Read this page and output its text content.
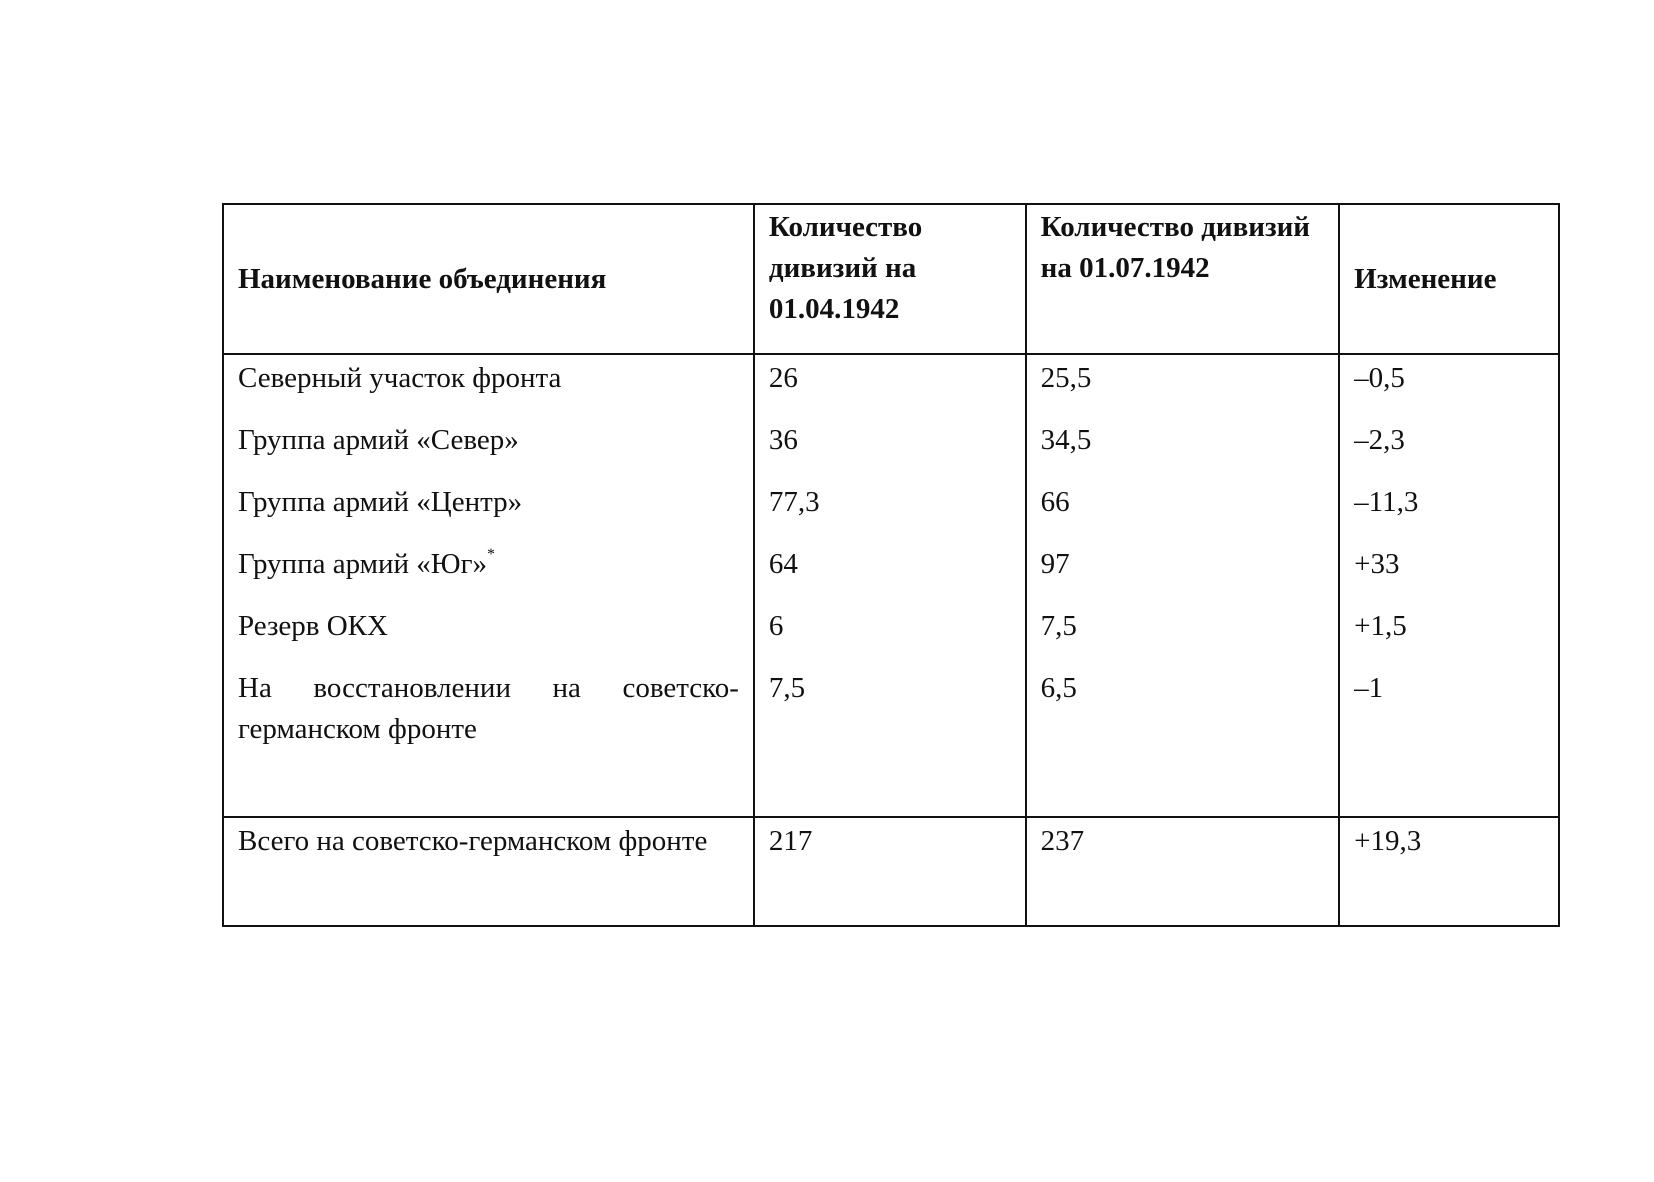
Наименование объединения	Количество дивизий на 01.04.1942	Количество дивизий на 01.07.1942	Изменение
Северный участок фронта	26	25,5	–0,5
Группа армий «Север»	36	34,5	–2,3
Группа армий «Центр»	77,3	66	–11,3
Группа армий «Юг»*	64	97	+33
Резерв ОКХ	6	7,5	+1,5
На восстановлении на советско-германском фронте	7,5	6,5	–1
Всего на советско-германском фронте	217	237	+19,3
